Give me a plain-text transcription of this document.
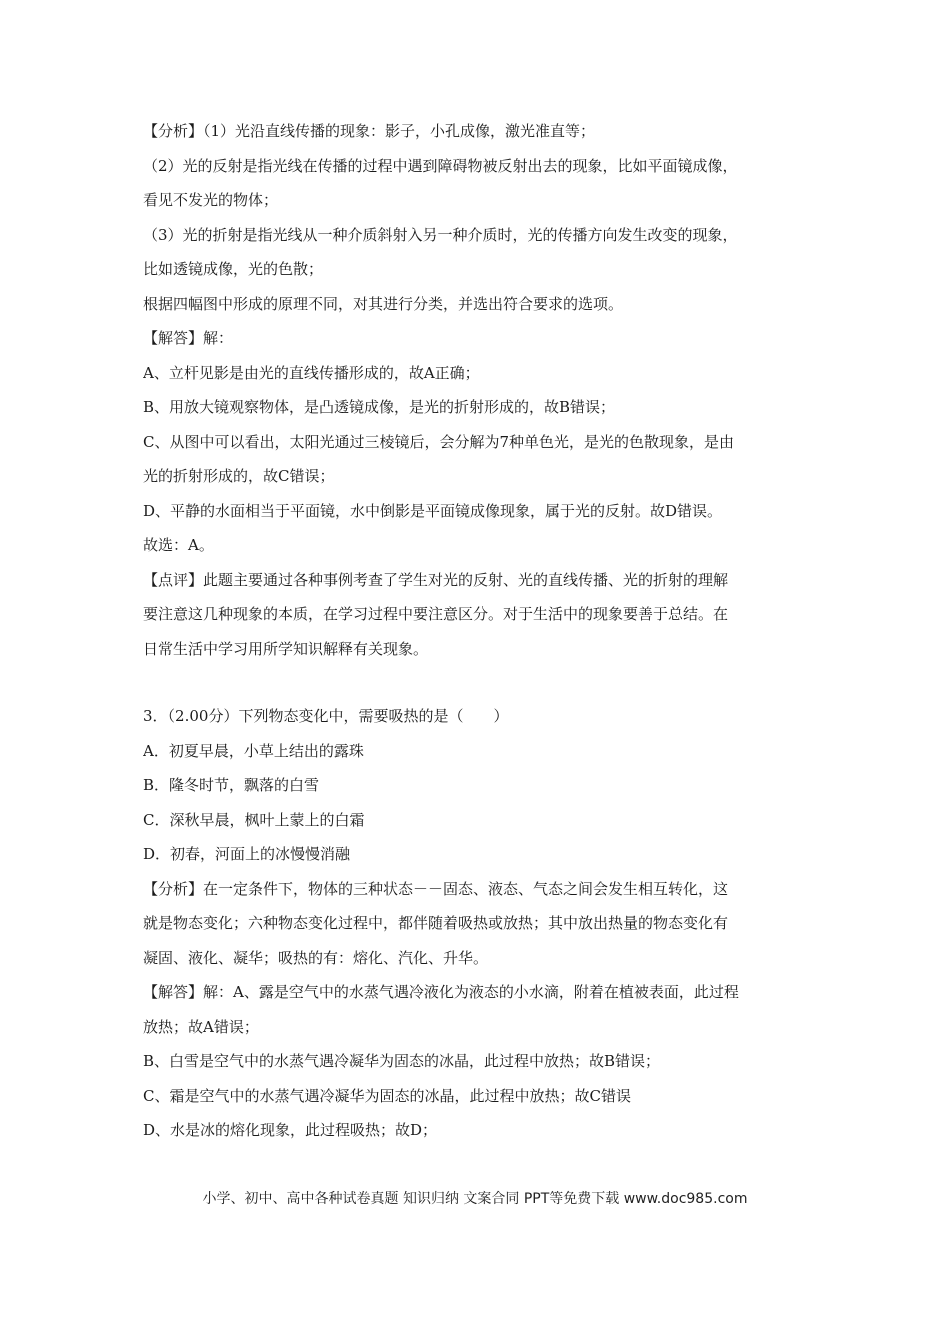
【分析】（1）光沿直线传播的现象：影子，小孔成像，激光准直等；
（2）光的反射是指光线在传播的过程中遇到障碍物被反射出去的现象，比如平面镜成像，
看见不发光的物体；
（3）光的折射是指光线从一种介质斜射入另一种介质时，光的传播方向发生改变的现象，
比如透镜成像，光的色散；
根据四幅图中形成的原理不同，对其进行分类，并选出符合要求的选项。
【解答】解：
A、立杆见影是由光的直线传播形成的，故A正确；
B、用放大镜观察物体，是凸透镜成像，是光的折射形成的，故B错误；
C、从图中可以看出，太阳光通过三棱镜后，会分解为7种单色光，是光的色散现象，是由
光的折射形成的，故C错误；
D、平静的水面相当于平面镜，水中倒影是平面镜成像现象，属于光的反射。故D错误。
故选：A。
【点评】此题主要通过各种事例考查了学生对光的反射、光的直线传播、光的折射的理解
要注意这几种现象的本质，在学习过程中要注意区分。对于生活中的现象要善于总结。在
日常生活中学习用所学知识解释有关现象。
3．（2.00分）下列物态变化中，需要吸热的是（　　）
A．初夏早晨，小草上结出的露珠
B．隆冬时节，飘落的白雪
C．深秋早晨，枫叶上蒙上的白霜
D．初春，河面上的冰慢慢消融
【分析】在一定条件下，物体的三种状态－－固态、液态、气态之间会发生相互转化，这
就是物态变化；六种物态变化过程中，都伴随着吸热或放热；其中放出热量的物态变化有
凝固、液化、凝华；吸热的有：熔化、汽化、升华。
【解答】解：A、露是空气中的水蒸气遇冷液化为液态的小水滴，附着在植被表面，此过程
放热；故A错误；
B、白雪是空气中的水蒸气遇冷凝华为固态的冰晶，此过程中放热；故B错误；
C、霜是空气中的水蒸气遇冷凝华为固态的冰晶，此过程中放热；故C错误
D、水是冰的熔化现象，此过程吸热；故D；
小学、初中、高中各种试卷真题 知识归纳 文案合同 PPT等免费下载 www.doc985.com
